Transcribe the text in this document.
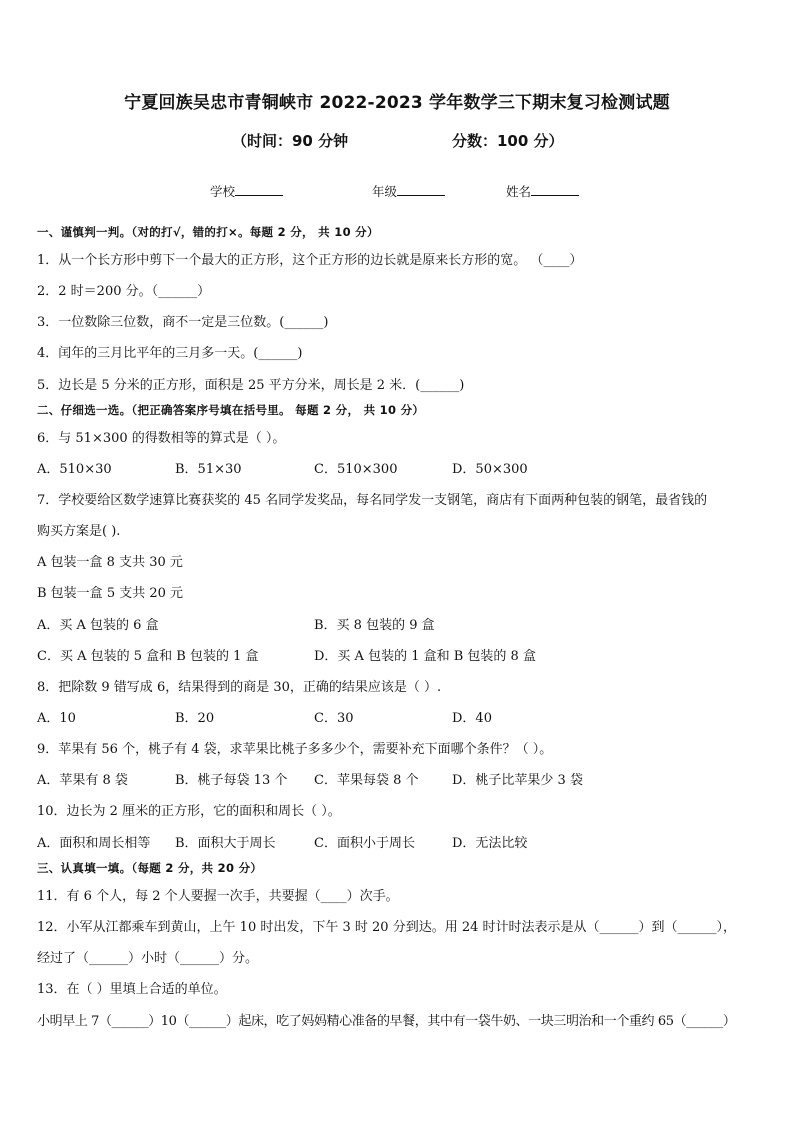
宁夏回族吴忠市青铜峡市 2022-2023 学年数学三下期末复习检测试题
（时间：90 分钟	分数：100 分）
学校	年级	姓名
一、谨慎判一判。（对的打√，错的打×。每题 2 分， 共 10 分）
1．从一个长方形中剪下一个最大的正方形，这个正方形的边长就是原来长方形的宽。 （____）
2．2 时＝200 分。（______）
3．一位数除三位数，商不一定是三位数。(______)
4．闰年的三月比平年的三月多一天。(______)
5．边长是 5 分米的正方形，面积是 25 平方分米，周长是 2 米．(______)
二、仔细选一选。（把正确答案序号填在括号里。 每题 2 分， 共 10 分）
6．与 51×300 的得数相等的算式是（ ）。
A．510×30	B．51×30	C．510×300	D．50×300
7．学校要给区数学速算比赛获奖的 45 名同学发奖品，每名同学发一支钢笔，商店有下面两种包装的钢笔，最省钱的
购买方案是( ).
A 包装一盒 8 支共 30 元
B 包装一盒 5 支共 20 元
A．买 A 包装的 6 盒	B．买 8 包装的 9 盒
C．买 A 包装的 5 盒和 B 包装的 1 盒	D．买 A 包装的 1 盒和 B 包装的 8 盒
8．把除数 9 错写成 6，结果得到的商是 30，正确的结果应该是（ ）.
A．10	B．20	C．30	D．40
9．苹果有 56 个，桃子有 4 袋，求苹果比桃子多多少个，需要补充下面哪个条件？（ ）。
A．苹果有 8 袋	B．桃子每袋 13 个 C．苹果每袋 8 个	D．桃子比苹果少 3 袋
10．边长为 2 厘米的正方形，它的面积和周长（ ）。
A．面积和周长相等 B．面积大于周长	C．面积小于周长	D．无法比较
三、认真填一填。（每题 2 分，共 20 分）
11．有 6 个人，每 2 个人要握一次手，共要握（____）次手。
12．小军从江都乘车到黄山，上午 10 时出发，下午 3 时 20 分到达。用 24 时计时法表示是从（______）到（______），
经过了（______）小时（______）分。
13．在（ ）里填上合适的单位。
小明早上 7（______）10（______）起床，吃了妈妈精心准备的早餐，其中有一袋牛奶、一块三明治和一个重约 65（______）
